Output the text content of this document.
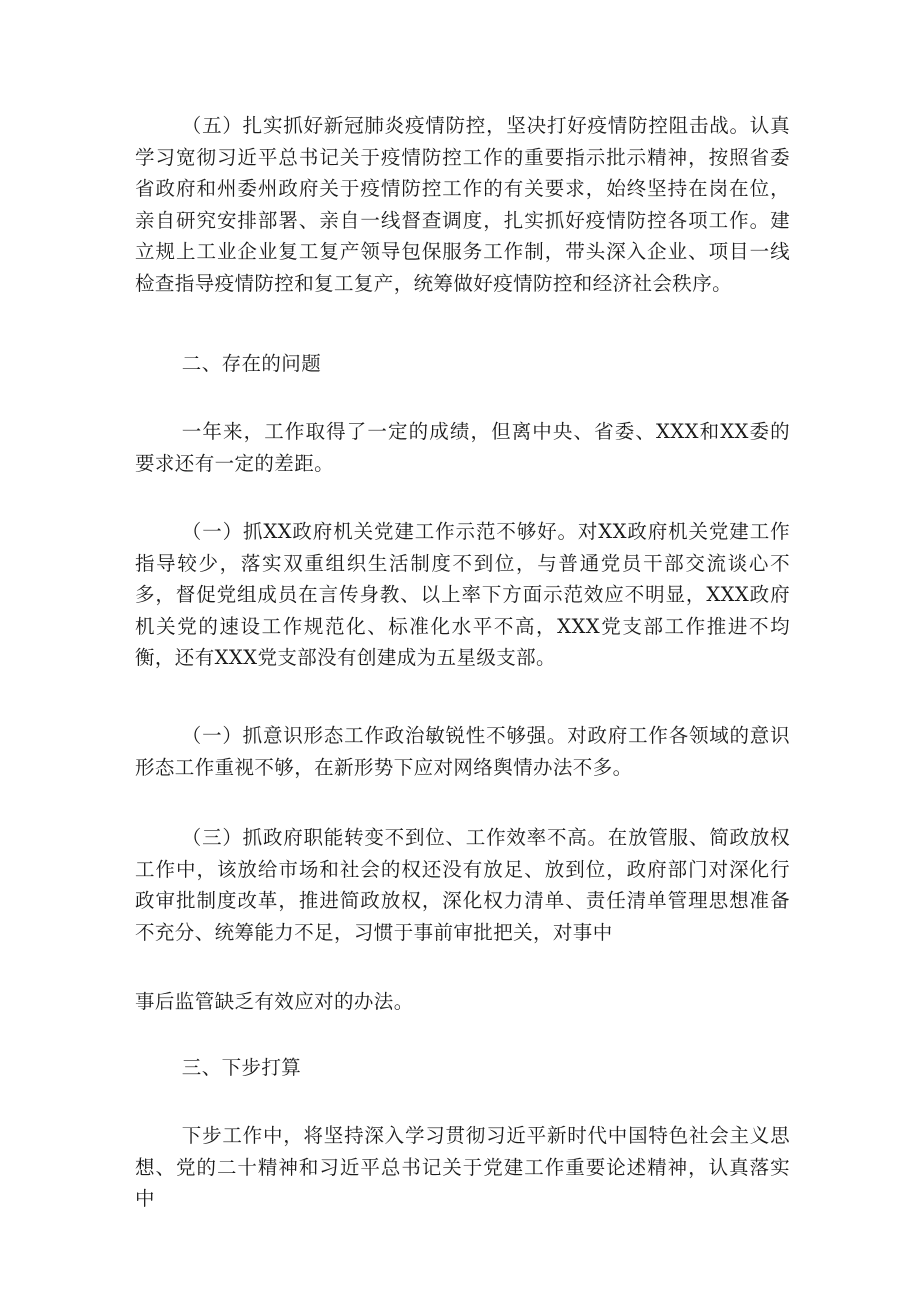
（五）扎实抓好新冠肺炎疫情防控，坚决打好疫情防控阻击战。认真学习宽彻习近平总书记关于疫情防控工作的重要指示批示精神，按照省委省政府和州委州政府关于疫情防控工作的有关要求，始终坚持在岗在位，亲自研究安排部署、亲自一线督查调度，扎实抓好疫情防控各项工作。建立规上工业企业复工复产领导包保服务工作制，带头深入企业、项目一线检查指导疫情防控和复工复产，统筹做好疫情防控和经济社会秩序。

二、存在的问题

一年来，工作取得了一定的成绩，但离中央、省委、XXX和XX委的要求还有一定的差距。

（一）抓XX政府机关党建工作示范不够好。对XX政府机关党建工作指导较少，落实双重组织生活制度不到位，与普通党员干部交流谈心不多，督促党组成员在言传身教、以上率下方面示范效应不明显，XXX政府机关党的速设工作规范化、标准化水平不高，XXX党支部工作推进不均衡，还有XXX党支部没有创建成为五星级支部。

（一）抓意识形态工作政治敏锐性不够强。对政府工作各领域的意识形态工作重视不够，在新形势下应对网络舆情办法不多。

（三）抓政府职能转变不到位、工作效率不高。在放管服、简政放权工作中，该放给市场和社会的权还没有放足、放到位，政府部门对深化行政审批制度改革，推进简政放权，深化权力清单、责任清单管理思想准备不充分、统筹能力不足，习惯于事前审批把关，对事中

事后监管缺乏有效应对的办法。

三、下步打算

下步工作中，将坚持深入学习贯彻习近平新时代中国特色社会主义思想、党的二十精神和习近平总书记关于党建工作重要论述精神，认真落实中
